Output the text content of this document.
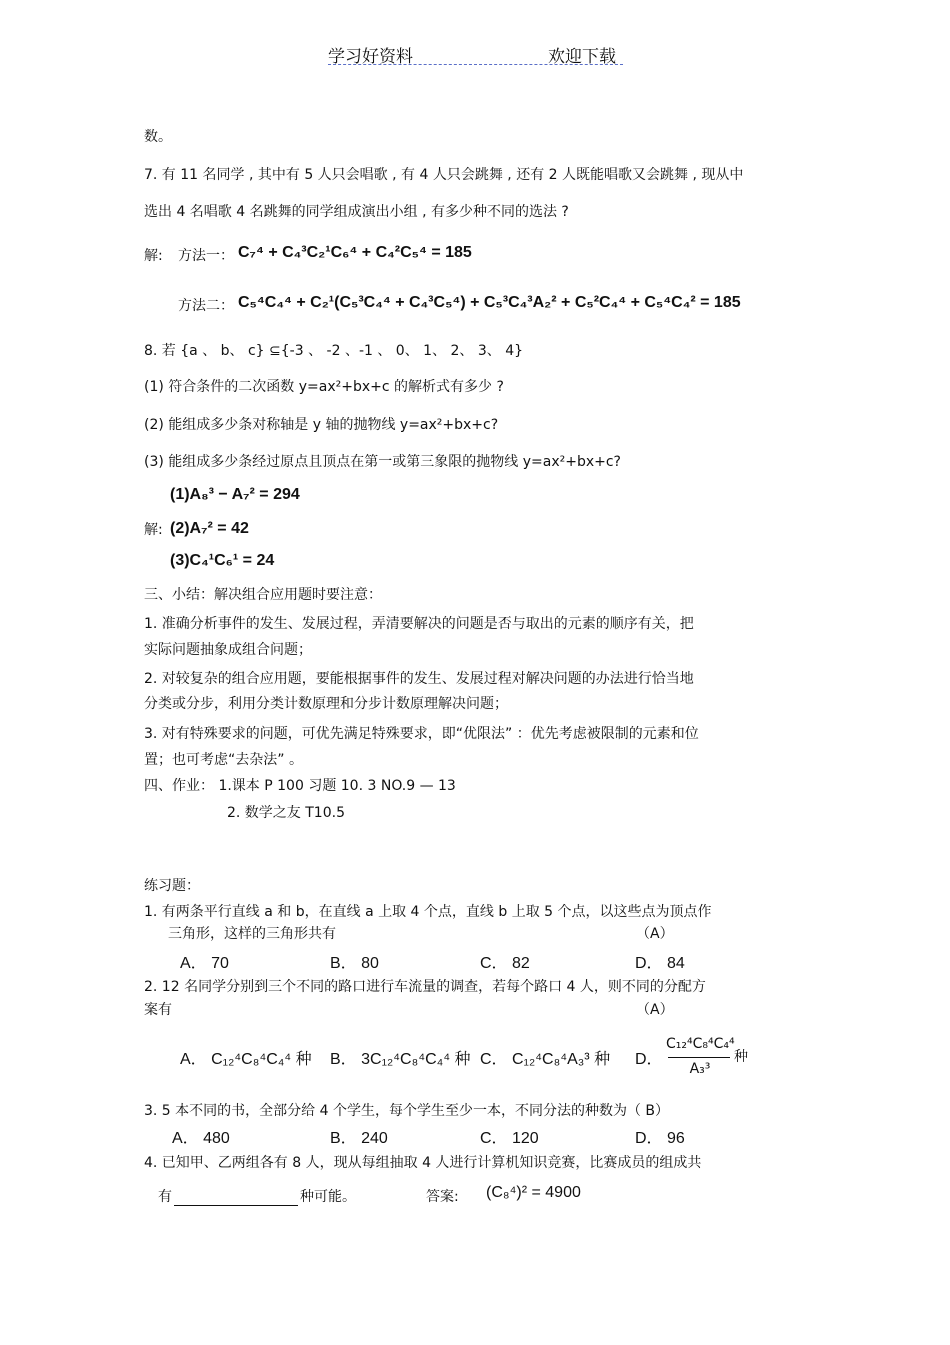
学习好资料	欢迎下载
数。
7. 有 11 名同学 , 其中有 5 人只会唱歌 , 有 4 人只会跳舞 , 还有 2 人既能唱歌又会跳舞 , 现从中
选出 4 名唱歌 4 名跳舞的同学组成演出小组 , 有多少种不同的选法 ?
解: 方法一： C₇⁴ + C₄³C₂¹C₆⁴ + C₄²C₅⁴ = 185
方法二： C₅⁴C₄⁴ + C₂¹(C₅³C₄⁴ + C₄³C₅⁴) + C₅³C₄³A₂² + C₅²C₄⁴ + C₅⁴C₄² = 185
8. 若 {a 、 b、 c} ⊆{-3 、 -2 、-1 、 0、 1、 2、 3、 4}
(1) 符合条件的二次函数 y=ax²+bx+c 的解析式有多少 ?
(2) 能组成多少条对称轴是 y 轴的抛物线 y=ax²+bx+c?
(3) 能组成多少条经过原点且顶点在第一或第三象限的抛物线 y=ax²+bx+c?
(1)A₈³ − A₇² = 294
解: (2)A₇² = 42
(3)C₄¹C₆¹ = 24
三、小结：解决组合应用题时要注意：
1. 准确分析事件的发生、发展过程，弄清要解决的问题是否与取出的元素的顺序有关，把
实际问题抽象成组合问题；
2. 对较复杂的组合应用题，要能根据事件的发生、发展过程对解决问题的办法进行恰当地
分类或分步，利用分类计数原理和分步计数原理解决问题；
3. 对有特殊要求的问题，可优先满足特殊要求，即“优限法” ：优先考虑被限制的元素和位
置；也可考虑“去杂法” 。
四、作业： 1.课本 P 100 习题 10. 3 NO.9 — 13
2. 数学之友 T10.5
练习题：
1. 有两条平行直线 a 和 b，在直线 a 上取 4 个点，直线 b 上取 5 个点，以这些点为顶点作
三角形，这样的三角形共有	（A）
A． 70	B． 80	C． 82	D． 84
2. 12 名同学分别到三个不同的路口进行车流量的调查，若每个路口 4 人，则不同的分配方
案有	（A）
A． C₁₂⁴C₈⁴C₄⁴ 种 B． 3C₁₂⁴C₈⁴C₄⁴ 种 C． C₁₂⁴C₈⁴A₃³ 种 D．
C₁₂⁴C₈⁴C₄⁴
A₃³
种
3. 5 本不同的书，全部分给 4 个学生，每个学生至少一本，不同分法的种数为（ B）
A． 480	B． 240	C． 120	D． 96
4. 已知甲、乙两组各有 8 人，现从每组抽取 4 人进行计算机知识竞赛，比赛成员的组成共
有	种可能。	答案: (C₈⁴)² = 4900
